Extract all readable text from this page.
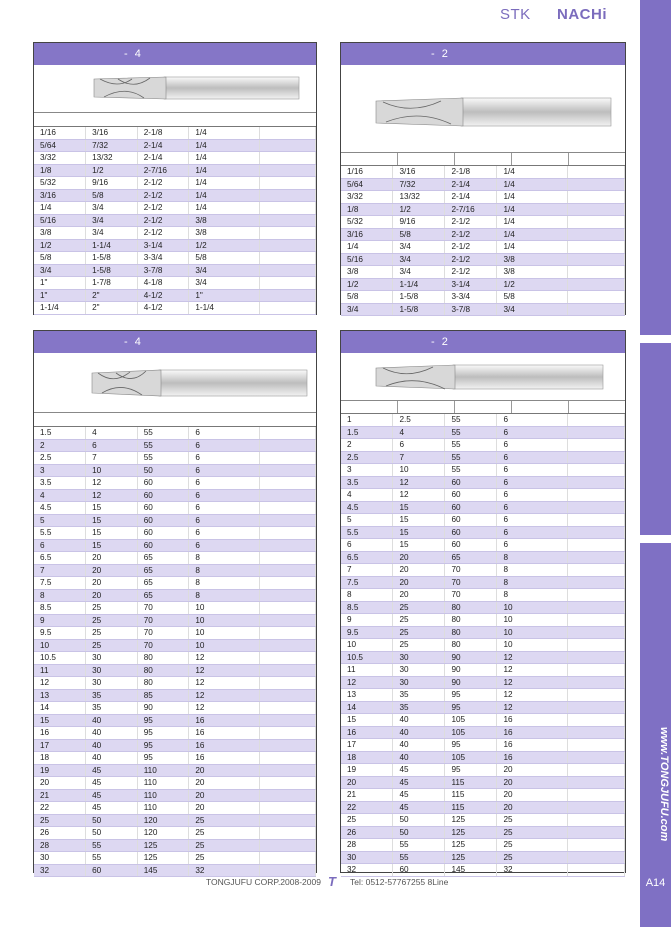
STK NACHi
www.TONGJUFU.com
A14
- 4
1/16	3/16	2-1/8	1/4	
5/64	7/32	2-1/4	1/4	
3/32	13/32	2-1/4	1/4	
1/8	1/2	2-7/16	1/4	
5/32	9/16	2-1/2	1/4	
3/16	5/8	2-1/2	1/4	
1/4	3/4	2-1/2	1/4	
5/16	3/4	2-1/2	3/8	
3/8	3/4	2-1/2	3/8	
1/2	1-1/4	3-1/4	1/2	
5/8	1-5/8	3-3/4	5/8	
3/4	1-5/8	3-7/8	3/4	
1"	1-7/8	4-1/8	3/4	
1"	2"	4-1/2	1"	
1-1/4	2"	4-1/2	1-1/4	
- 2
1/16	3/16	2-1/8	1/4	
5/64	7/32	2-1/4	1/4	
3/32	13/32	2-1/4	1/4	
1/8	1/2	2-7/16	1/4	
5/32	9/16	2-1/2	1/4	
3/16	5/8	2-1/2	1/4	
1/4	3/4	2-1/2	1/4	
5/16	3/4	2-1/2	3/8	
3/8	3/4	2-1/2	3/8	
1/2	1-1/4	3-1/4	1/2	
5/8	1-5/8	3-3/4	5/8	
3/4	1-5/8	3-7/8	3/4	
- 4
1.5	4	55	6	
2	6	55	6	
2.5	7	55	6	
3	10	50	6	
3.5	12	60	6	
4	12	60	6	
4.5	15	60	6	
5	15	60	6	
5.5	15	60	6	
6	15	60	6	
6.5	20	65	8	
7	20	65	8	
7.5	20	65	8	
8	20	65	8	
8.5	25	70	10	
9	25	70	10	
9.5	25	70	10	
10	25	70	10	
10.5	30	80	12	
11	30	80	12	
12	30	80	12	
13	35	85	12	
14	35	90	12	
15	40	95	16	
16	40	95	16	
17	40	95	16	
18	40	95	16	
19	45	110	20	
20	45	110	20	
21	45	110	20	
22	45	110	20	
25	50	120	25	
26	50	120	25	
28	55	125	25	
30	55	125	25	
32	60	145	32	
- 2
1	2.5	55	6	
1.5	4	55	6	
2	6	55	6	
2.5	7	55	6	
3	10	55	6	
3.5	12	60	6	
4	12	60	6	
4.5	15	60	6	
5	15	60	6	
5.5	15	60	6	
6	15	60	6	
6.5	20	65	8	
7	20	70	8	
7.5	20	70	8	
8	20	70	8	
8.5	25	80	10	
9	25	80	10	
9.5	25	80	10	
10	25	80	10	
10.5	30	90	12	
11	30	90	12	
12	30	90	12	
13	35	95	12	
14	35	95	12	
15	40	105	16	
16	40	105	16	
17	40	95	16	
18	40	105	16	
19	45	95	20	
20	45	115	20	
21	45	115	20	
22	45	115	20	
25	50	125	25	
26	50	125	25	
28	55	125	25	
30	55	125	25	
32	60	145	32	
TONGJUFU CORP.2008-2009 T Tel: 0512-57767255 8Line
